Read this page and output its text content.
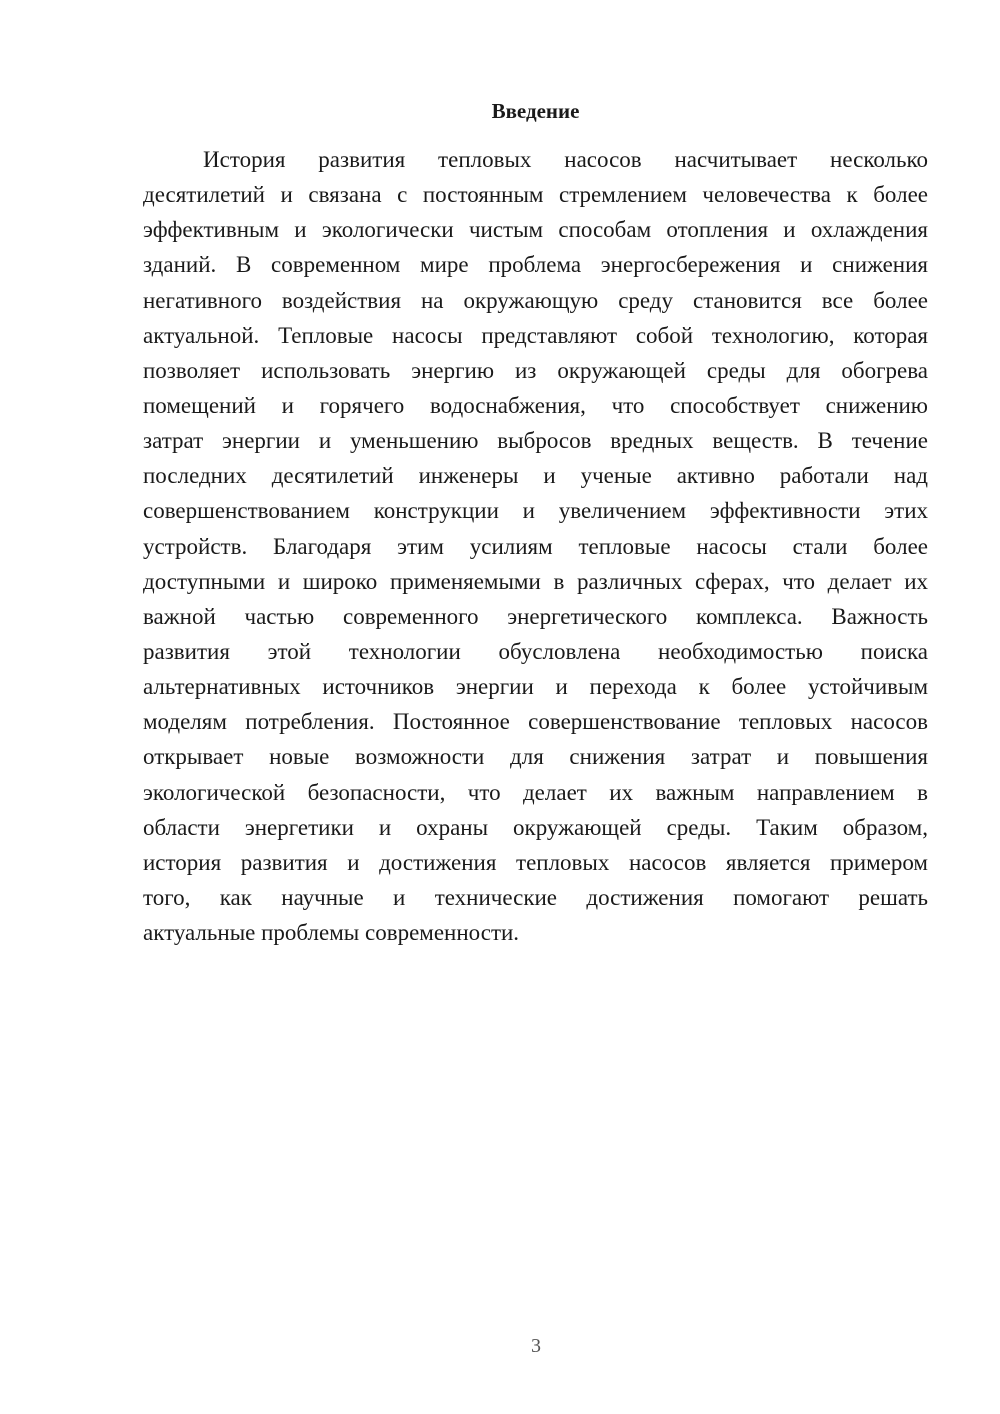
Введение
История развития тепловых насосов насчитывает несколько
десятилетий и связана с постоянным стремлением человечества к более
эффективным и экологически чистым способам отопления и охлаждения
зданий. В современном мире проблема энергосбережения и снижения
негативного воздействия на окружающую среду становится все более
актуальной. Тепловые насосы представляют собой технологию, которая
позволяет использовать энергию из окружающей среды для обогрева
помещений и горячего водоснабжения, что способствует снижению
затрат энергии и уменьшению выбросов вредных веществ. В течение
последних десятилетий инженеры и ученые активно работали над
совершенствованием конструкции и увеличением эффективности этих
устройств. Благодаря этим усилиям тепловые насосы стали более
доступными и широко применяемыми в различных сферах, что делает их
важной частью современного энергетического комплекса. Важность
развития этой технологии обусловлена необходимостью поиска
альтернативных источников энергии и перехода к более устойчивым
моделям потребления. Постоянное совершенствование тепловых насосов
открывает новые возможности для снижения затрат и повышения
экологической безопасности, что делает их важным направлением в
области энергетики и охраны окружающей среды. Таким образом,
история развития и достижения тепловых насосов является примером
того, как научные и технические достижения помогают решать
актуальные проблемы современности.
3
